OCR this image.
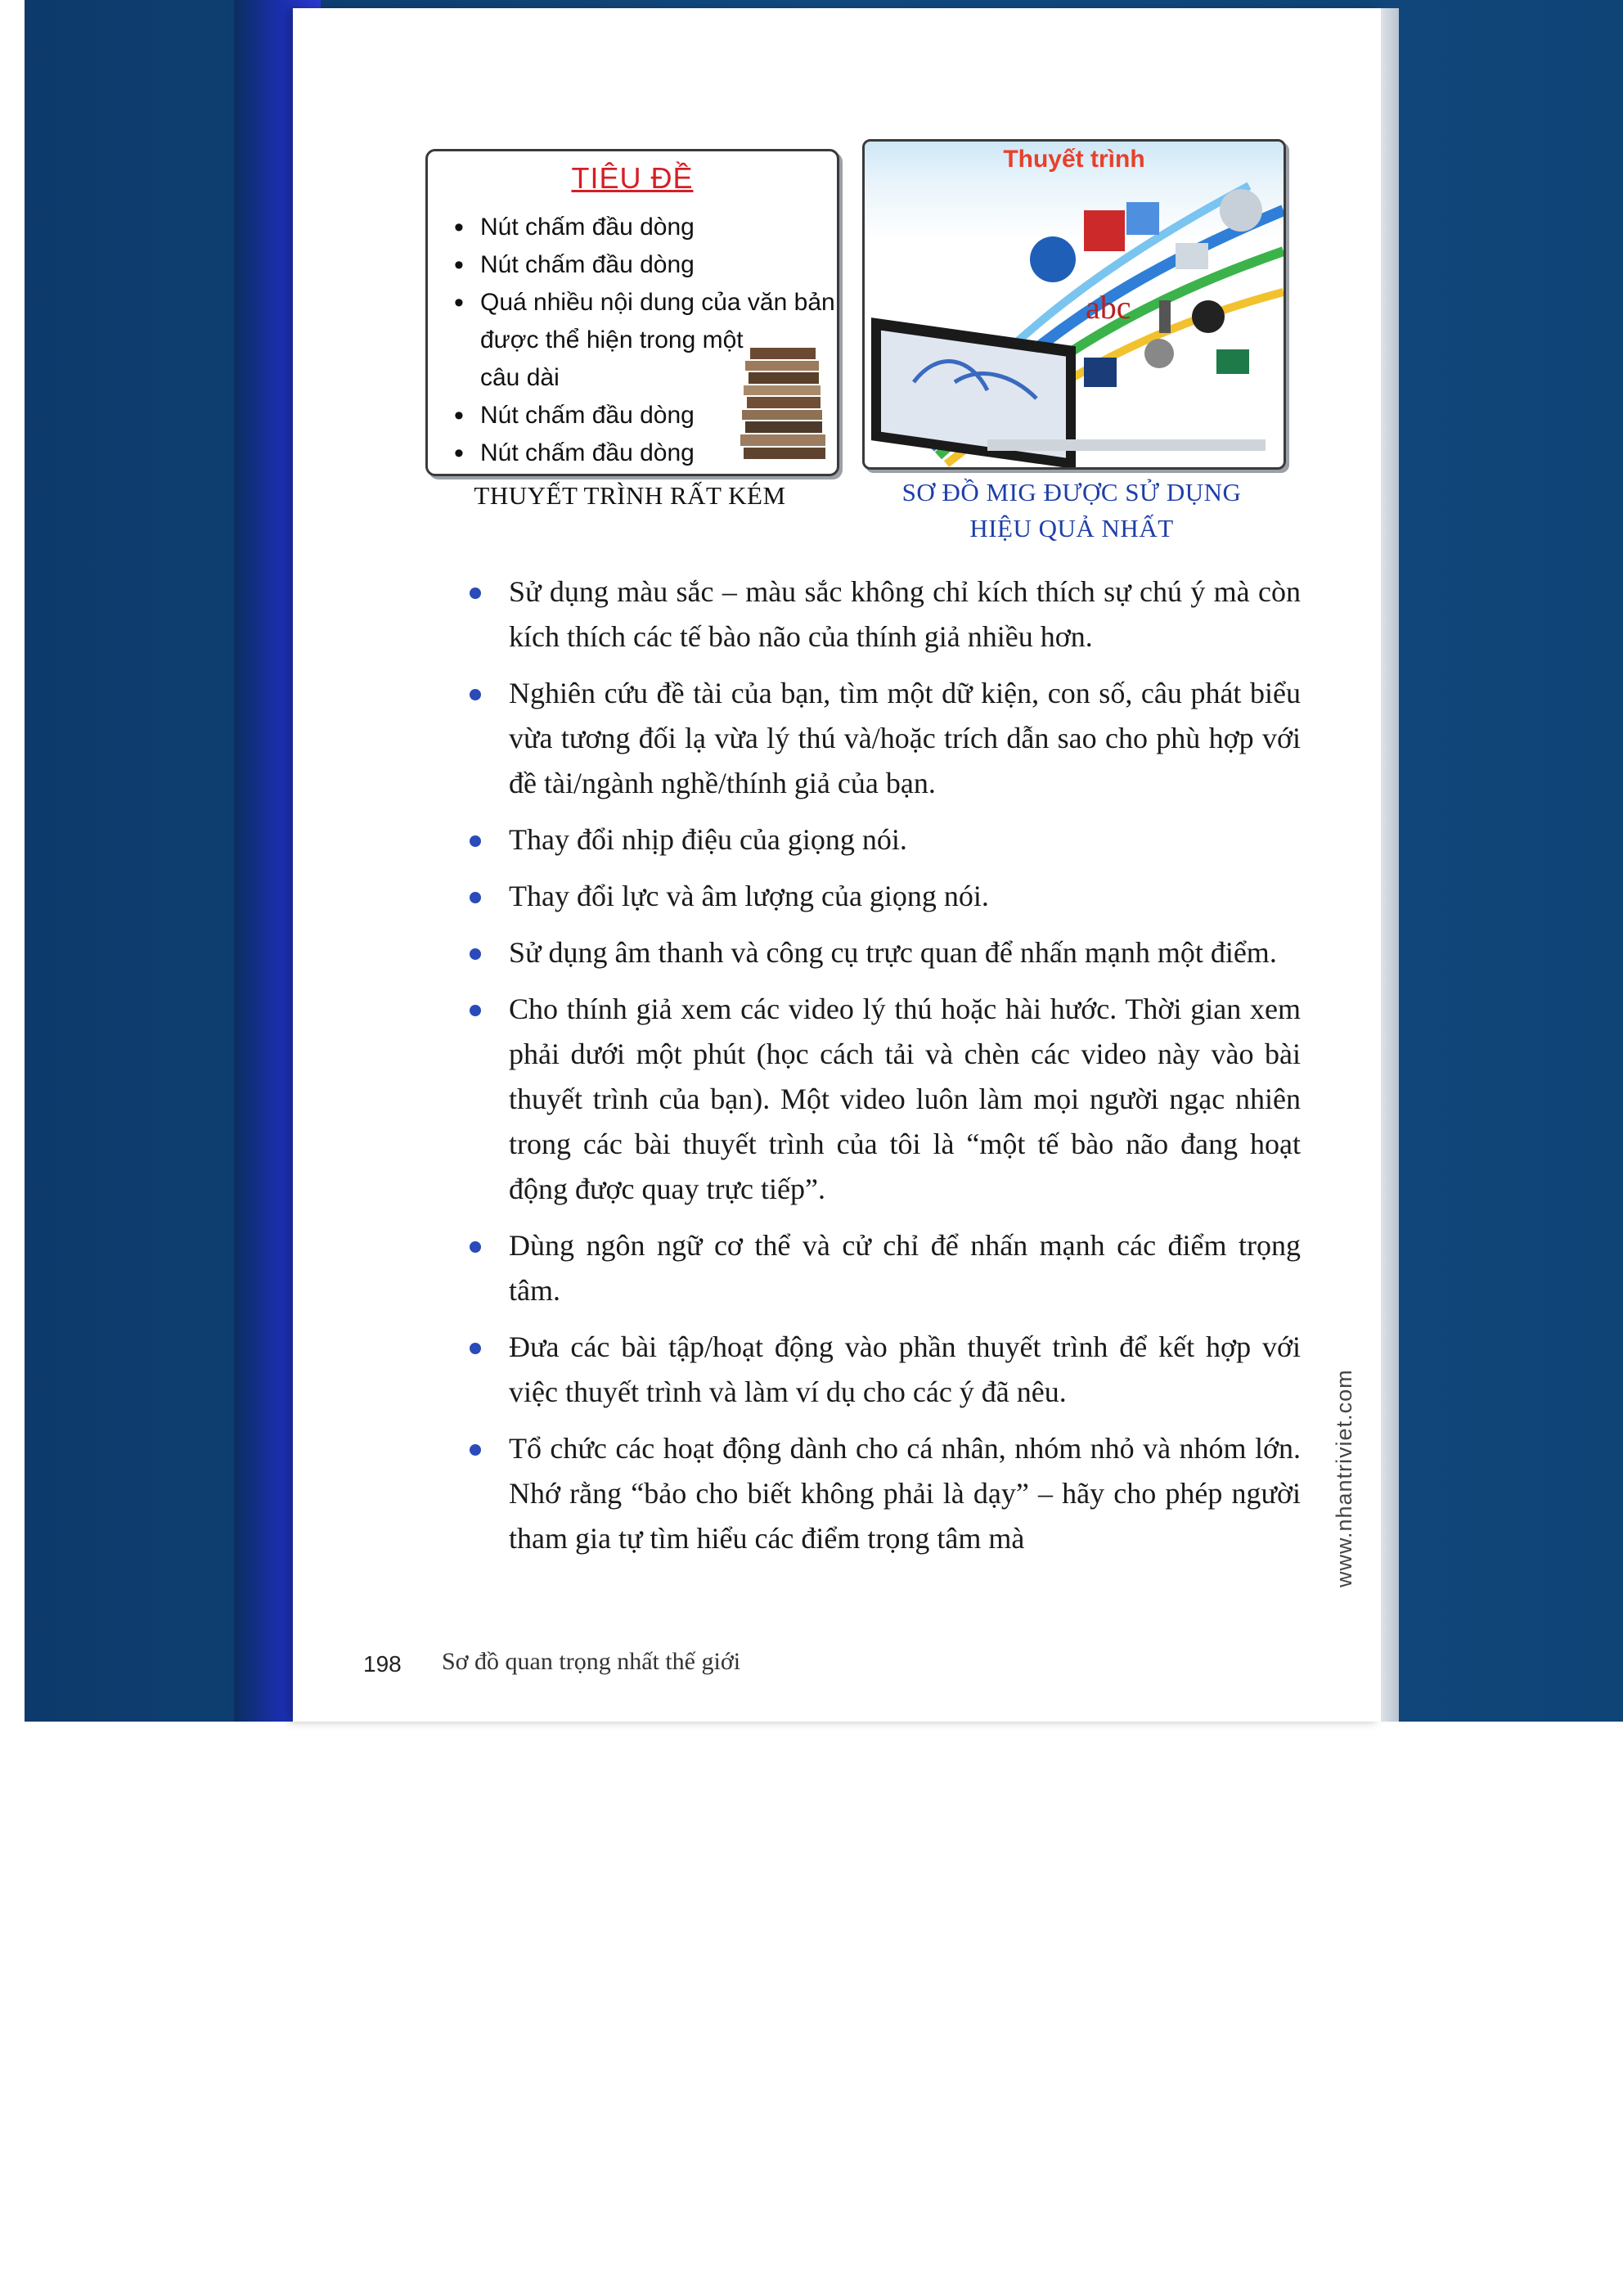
TIÊU ĐỀ
• Nút chấm đầu dòng
• Nút chấm đầu dòng
• Quá nhiều nội dung của văn bản
được thể hiện trong một
câu dài
• Nút chấm đầu dòng
• Nút chấm đầu dòng
THUYẾT TRÌNH RẤT KÉM
Thuyết trình
abc
SƠ ĐỒ MIG ĐƯỢC SỬ DỤNG
HIỆU QUẢ NHẤT
Sử dụng màu sắc – màu sắc không chỉ kích thích sự chú ý mà còn kích thích các tế bào não của thính giả nhiều hơn.
Nghiên cứu đề tài của bạn, tìm một dữ kiện, con số, câu phát biểu vừa tương đối lạ vừa lý thú và/hoặc trích dẫn sao cho phù hợp với đề tài/ngành nghề/thính giả của bạn.
Thay đổi nhịp điệu của giọng nói.
Thay đổi lực và âm lượng của giọng nói.
Sử dụng âm thanh và công cụ trực quan để nhấn mạnh một điểm.
Cho thính giả xem các video lý thú hoặc hài hước. Thời gian xem phải dưới một phút (học cách tải và chèn các video này vào bài thuyết trình của bạn). Một video luôn làm mọi người ngạc nhiên trong các bài thuyết trình của tôi là “một tế bào não đang hoạt động được quay trực tiếp”.
Dùng ngôn ngữ cơ thể và cử chỉ để nhấn mạnh các điểm trọng tâm.
Đưa các bài tập/hoạt động vào phần thuyết trình để kết hợp với việc thuyết trình và làm ví dụ cho các ý đã nêu.
Tổ chức các hoạt động dành cho cá nhân, nhóm nhỏ và nhóm lớn. Nhớ rằng “bảo cho biết không phải là dạy” – hãy cho phép người tham gia tự tìm hiểu các điểm trọng tâm mà	www.nhantriviet.com
198 Sơ đồ quan trọng nhất thế giới
